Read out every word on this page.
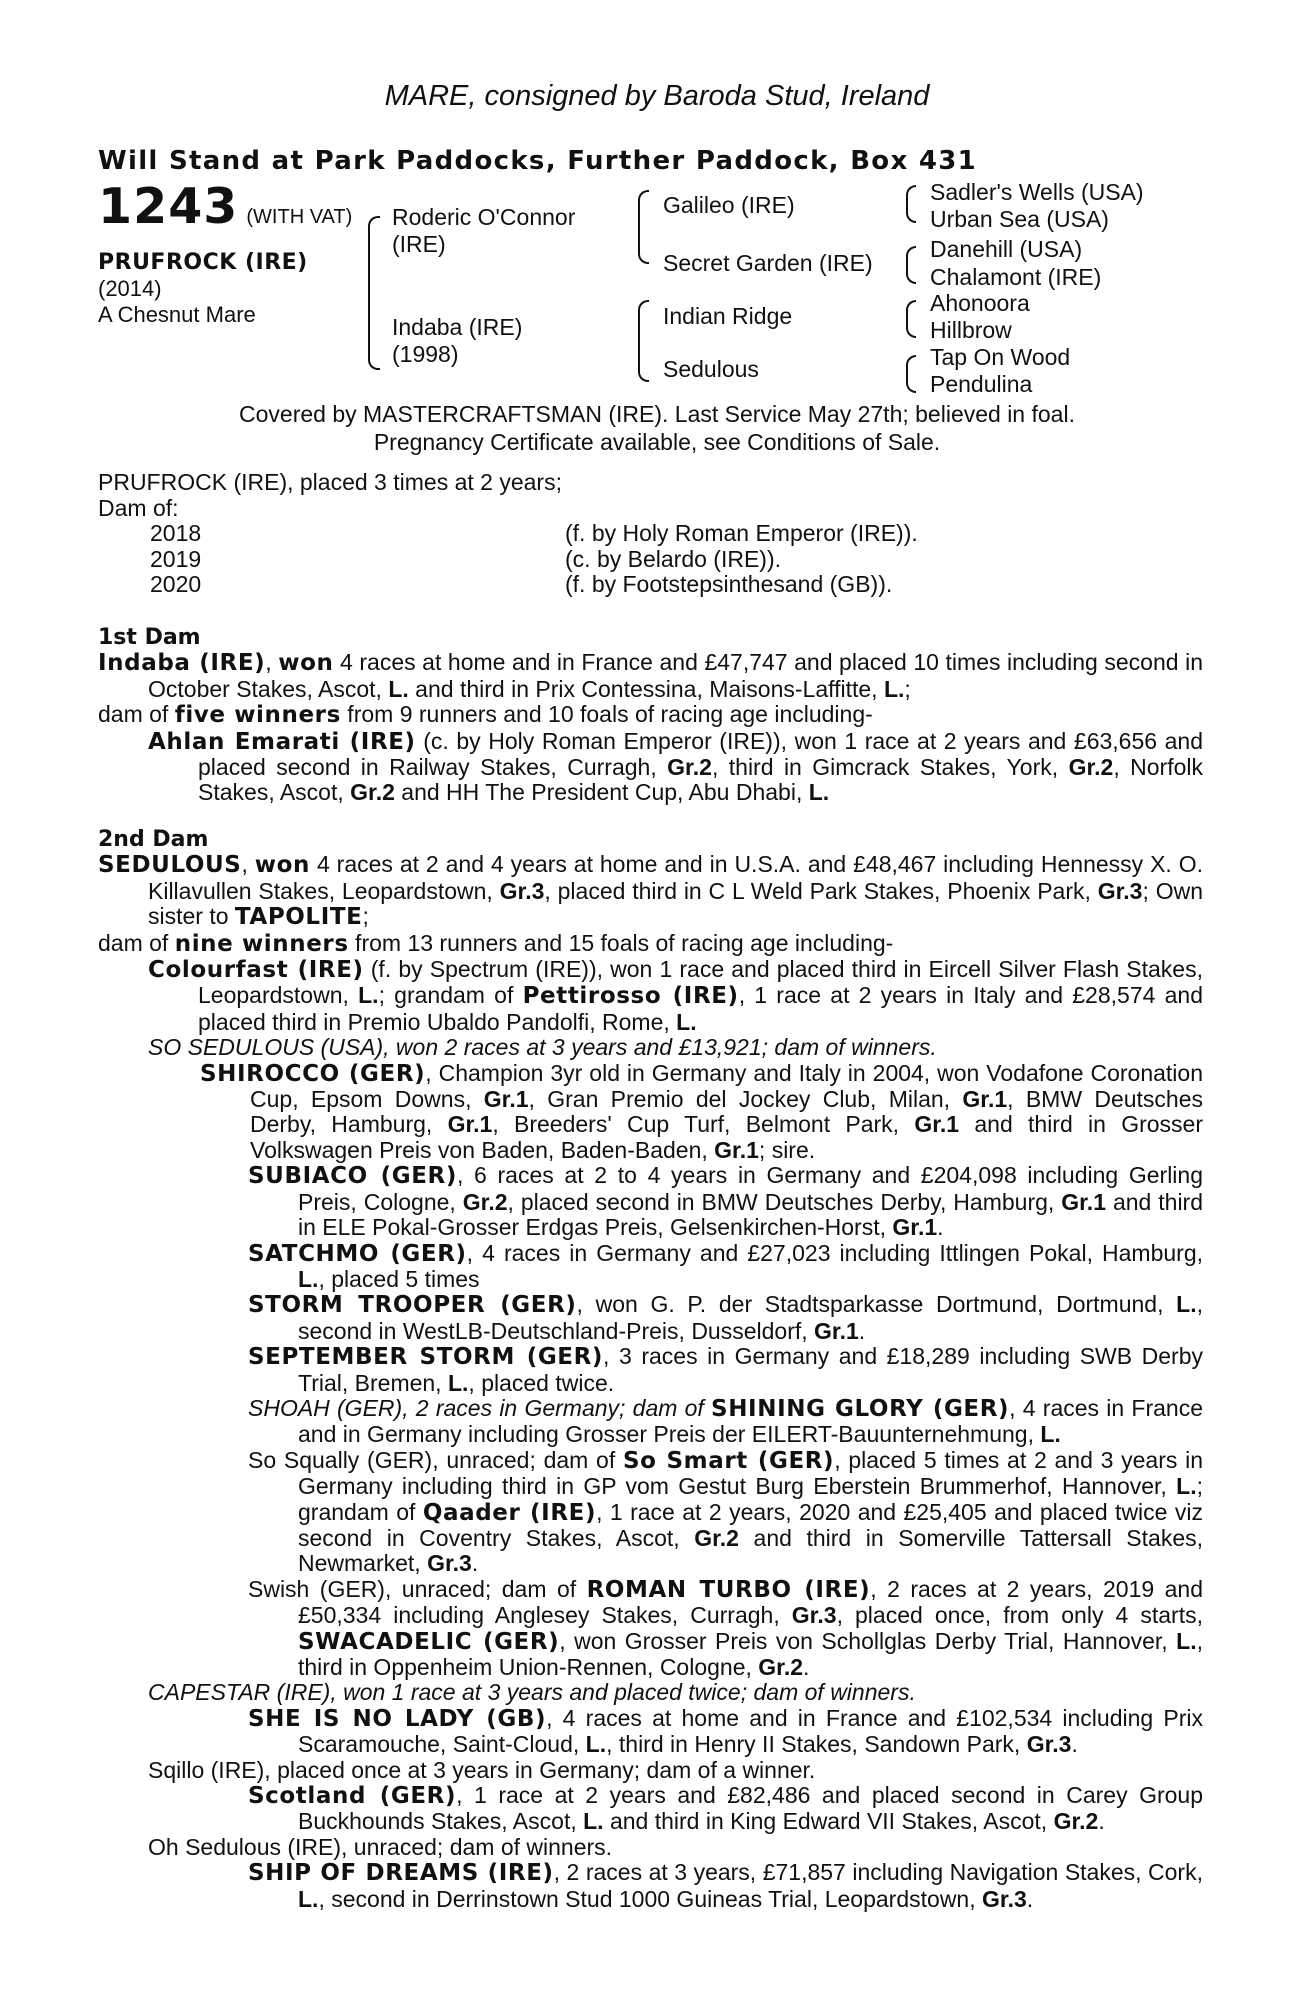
MARE, consigned by Baroda Stud, Ireland
Will Stand at Park Paddocks, Further Paddock, Box 431
1243 (WITH VAT)
PRUFROCK (IRE)
(2014)
A Chesnut Mare
Roderic O'Connor
(IRE)
Indaba (IRE)
(1998)
Galileo (IRE)
Secret Garden (IRE)
Indian Ridge
Sedulous
Sadler's Wells (USA)
Urban Sea (USA)
Danehill (USA)
Chalamont (IRE)
Ahonoora
Hillbrow
Tap On Wood
Pendulina
Covered by MASTERCRAFTSMAN (IRE). Last Service May 27th; believed in foal.
Pregnancy Certificate available, see Conditions of Sale.
PRUFROCK (IRE), placed 3 times at 2 years;
Dam of:
2018	(f. by Holy Roman Emperor (IRE)).
2019	(c. by Belardo (IRE)).
2020	(f. by Footstepsinthesand (GB)).

1st Dam

Indaba (IRE), won 4 races at home and in France and £47,747 and placed 10 times including second in October Stakes, Ascot, L. and third in Prix Contessina, Maisons-Laffitte, L.;

dam of five winners from 9 runners and 10 foals of racing age including-

Ahlan Emarati (IRE) (c. by Holy Roman Emperor (IRE)), won 1 race at 2 years and £63,656 and placed second in Railway Stakes, Curragh, Gr.2, third in Gimcrack Stakes, York, Gr.2, Norfolk Stakes, Ascot, Gr.2 and HH The President Cup, Abu Dhabi, L.

2nd Dam

SEDULOUS, won 4 races at 2 and 4 years at home and in U.S.A. and £48,467 including Hennessy X. O. Killavullen Stakes, Leopardstown, Gr.3, placed third in C L Weld Park Stakes, Phoenix Park, Gr.3; Own sister to TAPOLITE;

dam of nine winners from 13 runners and 15 foals of racing age including-

Colourfast (IRE) (f. by Spectrum (IRE)), won 1 race and placed third in Eircell Silver Flash Stakes, Leopardstown, L.; grandam of Pettirosso (IRE), 1 race at 2 years in Italy and £28,574 and placed third in Premio Ubaldo Pandolfi, Rome, L.

SO SEDULOUS (USA), won 2 races at 3 years and £13,921; dam of winners.

SHIROCCO (GER), Champion 3yr old in Germany and Italy in 2004, won Vodafone Coronation Cup, Epsom Downs, Gr.1, Gran Premio del Jockey Club, Milan, Gr.1, BMW Deutsches Derby, Hamburg, Gr.1, Breeders' Cup Turf, Belmont Park, Gr.1 and third in Grosser Volkswagen Preis von Baden, Baden-Baden, Gr.1; sire.

SUBIACO (GER), 6 races at 2 to 4 years in Germany and £204,098 including Gerling Preis, Cologne, Gr.2, placed second in BMW Deutsches Derby, Hamburg, Gr.1 and third in ELE Pokal-Grosser Erdgas Preis, Gelsenkirchen-Horst, Gr.1.

SATCHMO (GER), 4 races in Germany and £27,023 including Ittlingen Pokal, Hamburg, L., placed 5 times

STORM TROOPER (GER), won G. P. der Stadtsparkasse Dortmund, Dortmund, L., second in WestLB-Deutschland-Preis, Dusseldorf, Gr.1.

SEPTEMBER STORM (GER), 3 races in Germany and £18,289 including SWB Derby Trial, Bremen, L., placed twice.

SHOAH (GER), 2 races in Germany; dam of SHINING GLORY (GER), 4 races in France and in Germany including Grosser Preis der EILERT-Bauunternehmung, L.

So Squally (GER), unraced; dam of So Smart (GER), placed 5 times at 2 and 3 years in Germany including third in GP vom Gestut Burg Eberstein Brummerhof, Hannover, L.; grandam of Qaader (IRE), 1 race at 2 years, 2020 and £25,405 and placed twice viz second in Coventry Stakes, Ascot, Gr.2 and third in Somerville Tattersall Stakes, Newmarket, Gr.3.

Swish (GER), unraced; dam of ROMAN TURBO (IRE), 2 races at 2 years, 2019 and £50,334 including Anglesey Stakes, Curragh, Gr.3, placed once, from only 4 starts, SWACADELIC (GER), won Grosser Preis von Schollglas Derby Trial, Hannover, L., third in Oppenheim Union-Rennen, Cologne, Gr.2.

CAPESTAR (IRE), won 1 race at 3 years and placed twice; dam of winners.

SHE IS NO LADY (GB), 4 races at home and in France and £102,534 including Prix Scaramouche, Saint-Cloud, L., third in Henry II Stakes, Sandown Park, Gr.3.

Sqillo (IRE), placed once at 3 years in Germany; dam of a winner.

Scotland (GER), 1 race at 2 years and £82,486 and placed second in Carey Group Buckhounds Stakes, Ascot, L. and third in King Edward VII Stakes, Ascot, Gr.2.

Oh Sedulous (IRE), unraced; dam of winners.

SHIP OF DREAMS (IRE), 2 races at 3 years, £71,857 including Navigation Stakes, Cork, L., second in Derrinstown Stud 1000 Guineas Trial, Leopardstown, Gr.3.
